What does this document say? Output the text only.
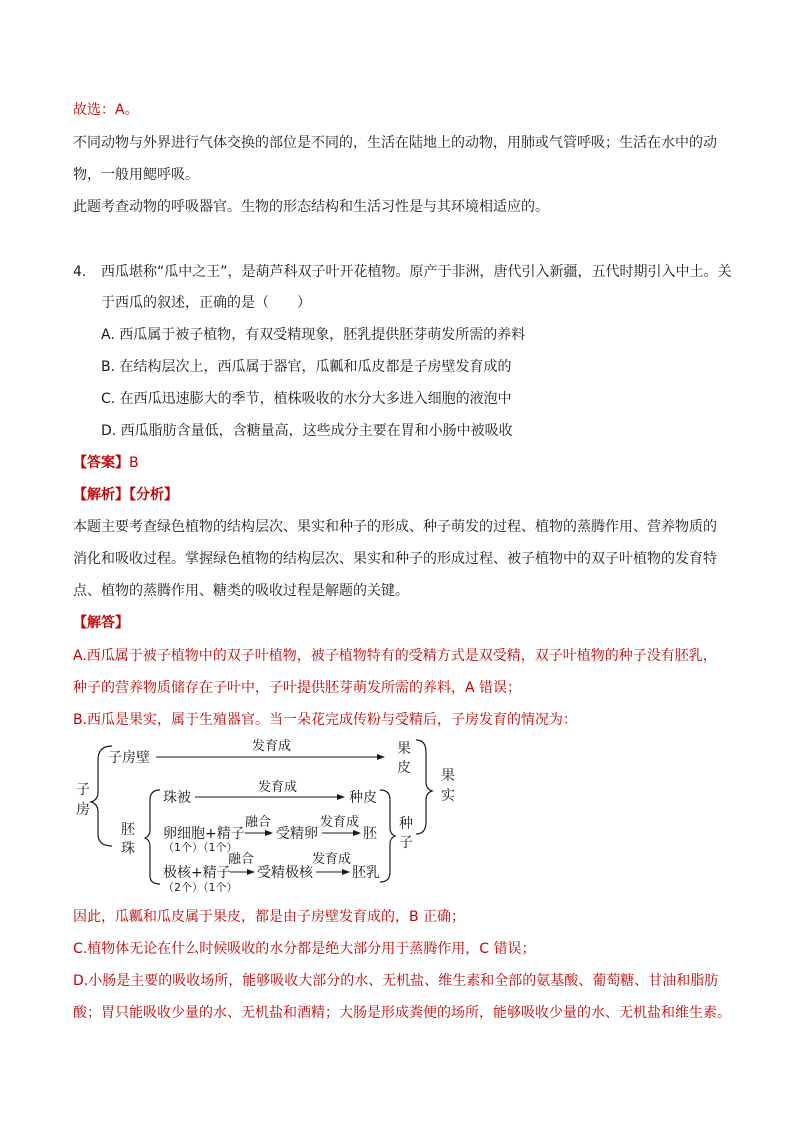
故选：A。
不同动物与外界进行气体交换的部位是不同的，生活在陆地上的动物，用肺或气管呼吸；生活在水中的动
物，一般用鳃呼吸。
此题考查动物的呼吸器官。生物的形态结构和生活习性是与其环境相适应的。
4. 西瓜堪称“瓜中之王”，是葫芦科双子叶开花植物。原产于非洲，唐代引入新疆，五代时期引入中土。关
于西瓜的叙述，正确的是（　　）
A. 西瓜属于被子植物，有双受精现象，胚乳提供胚芽萌发所需的养料
B. 在结构层次上，西瓜属于器官，瓜瓤和瓜皮都是子房壁发育成的
C. 在西瓜迅速膨大的季节，植株吸收的水分大多进入细胞的液泡中
D. 西瓜脂肪含量低，含糖量高，这些成分主要在胃和小肠中被吸收
【答案】B
【解析】【分析】
本题主要考查绿色植物的结构层次、果实和种子的形成、种子萌发的过程、植物的蒸腾作用、营养物质的
消化和吸收过程。掌握绿色植物的结构层次、果实和种子的形成过程、被子植物中的双子叶植物的发育特
点、植物的蒸腾作用、糖类的吸收过程是解题的关键。
【解答】
A.西瓜属于被子植物中的双子叶植物，被子植物特有的受精方式是双受精，双子叶植物的种子没有胚乳，
种子的营养物质储存在子叶中，子叶提供胚芽萌发所需的养料，A 错误；
B.西瓜是果实，属于生殖器官。当一朵花完成传粉与受精后，子房发育的情况为：
子
房
子房壁
发育成	果
皮
胚
珠
珠被
发育成
种皮
卵细胞+精子
（1个）（1个）
融合
受精卵
发育成
胚
极核+精子
（2个）（1个）
融合
受精极核
发育成
胚乳
种
子
果
实
因此，瓜瓤和瓜皮属于果皮，都是由子房壁发育成的，B 正确；
C.植物体无论在什么时候吸收的水分都是绝大部分用于蒸腾作用，C 错误；
D.小肠是主要的吸收场所，能够吸收大部分的水、无机盐、维生素和全部的氨基酸、葡萄糖、甘油和脂肪
酸；胃只能吸收少量的水、无机盐和酒精；大肠是形成粪便的场所，能够吸收少量的水、无机盐和维生素。
